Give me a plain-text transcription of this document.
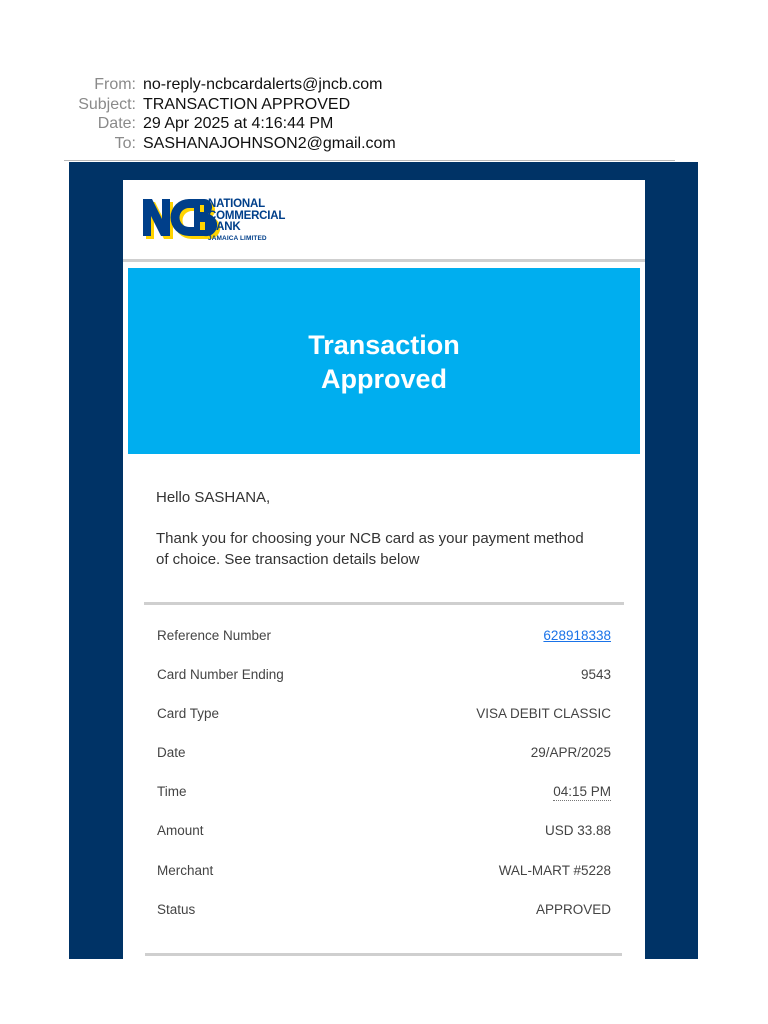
From: no-reply-ncbcardalerts@jncb.com
Subject: TRANSACTION APPROVED
Date: 29 Apr 2025 at 4:16:44 PM
To: SASHANAJOHNSON2@gmail.com
NATIONAL
COMMERCIAL
BANK
JAMAICA LIMITED
Transaction
Approved
Hello SASHANA,
Thank you for choosing your NCB card as your payment method of choice. See transaction details below
Reference Number	628918338
Card Number Ending	9543
Card Type	VISA DEBIT CLASSIC
Date	29/APR/2025
Time	04:15 PM
Amount	USD 33.88
Merchant	WAL-MART #5228
Status	APPROVED
